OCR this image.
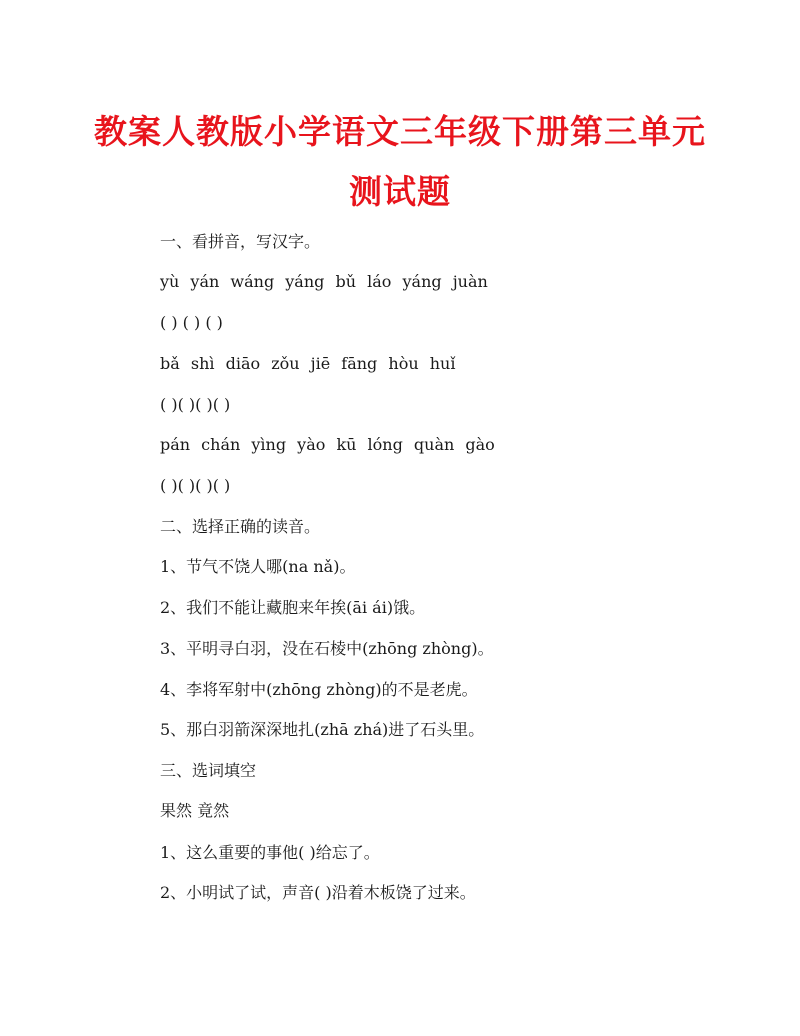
教案人教版小学语文三年级下册第三单元
测试题
一、看拼音，写汉字。
yù yán wáng yáng bǔ láo yáng juàn
( ) ( ) ( )
bǎ shì diāo zǒu jiē fāng hòu huǐ
( )( )( )( )
pán chán yìng yào kū lóng quàn gào
( )( )( )( )
二、选择正确的读音。
1、节气不饶人哪(na nǎ)。
2、我们不能让藏胞来年挨(āi ái)饿。
3、平明寻白羽，没在石棱中(zhōng zhòng)。
4、李将军射中(zhōng zhòng)的不是老虎。
5、那白羽箭深深地扎(zhā zhá)进了石头里。
三、选词填空
果然 竟然
1、这么重要的事他( )给忘了。
2、小明试了试，声音( )沿着木板饶了过来。
